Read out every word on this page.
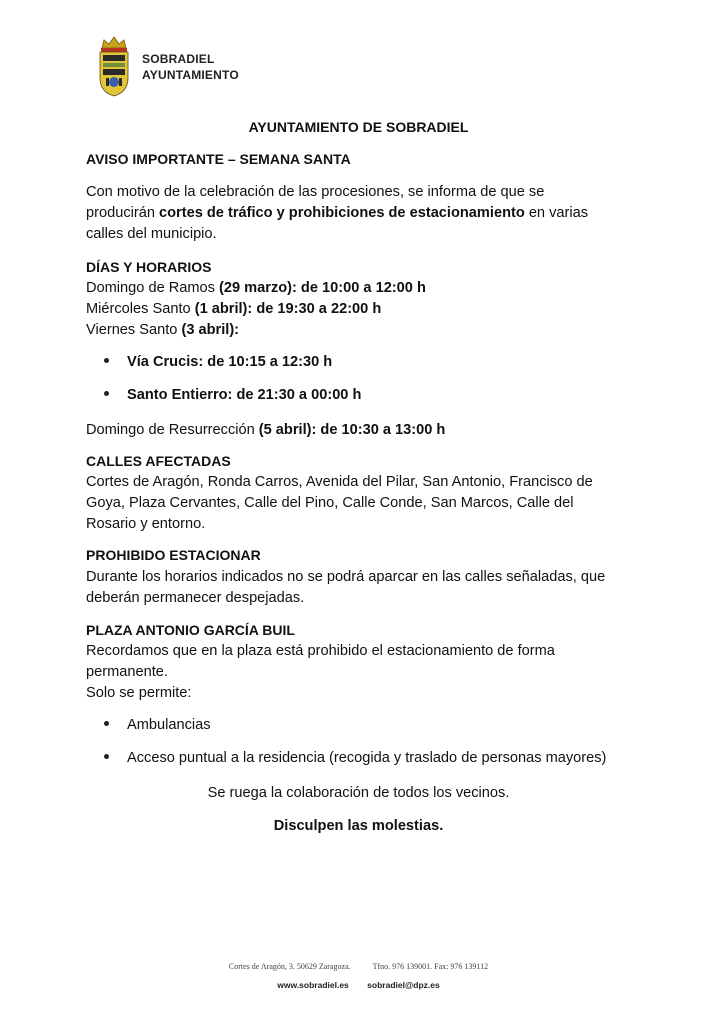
SOBRADIEL
AYUNTAMIENTO
AYUNTAMIENTO DE SOBRADIEL
AVISO IMPORTANTE – SEMANA SANTA
Con motivo de la celebración de las procesiones, se informa de que se
producirán cortes de tráfico y prohibiciones de estacionamiento en varias
calles del municipio.
DÍAS Y HORARIOS
Domingo de Ramos (29 marzo): de 10:00 a 12:00 h
Miércoles Santo (1 abril): de 19:30 a 22:00 h
Viernes Santo (3 abril):
Vía Crucis: de 10:15 a 12:30 h
Santo Entierro: de 21:30 a 00:00 h
Domingo de Resurrección (5 abril): de 10:30 a 13:00 h
CALLES AFECTADAS
Cortes de Aragón, Ronda Carros, Avenida del Pilar, San Antonio, Francisco de
Goya, Plaza Cervantes, Calle del Pino, Calle Conde, San Marcos, Calle del
Rosario y entorno.
PROHIBIDO ESTACIONAR
Durante los horarios indicados no se podrá aparcar en las calles señaladas, que
deberán permanecer despejadas.
PLAZA ANTONIO GARCÍA BUIL
Recordamos que en la plaza está prohibido el estacionamiento de forma
permanente.
Solo se permite:
Ambulancias
Acceso puntual a la residencia (recogida y traslado de personas mayores)
Se ruega la colaboración de todos los vecinos.
Disculpen las molestias.
Cortes de Aragón, 3. 50629 Zaragoza.	Tfno. 976 139001. Fax: 976 139112
www.sobradiel.es sobradiel@dpz.es
